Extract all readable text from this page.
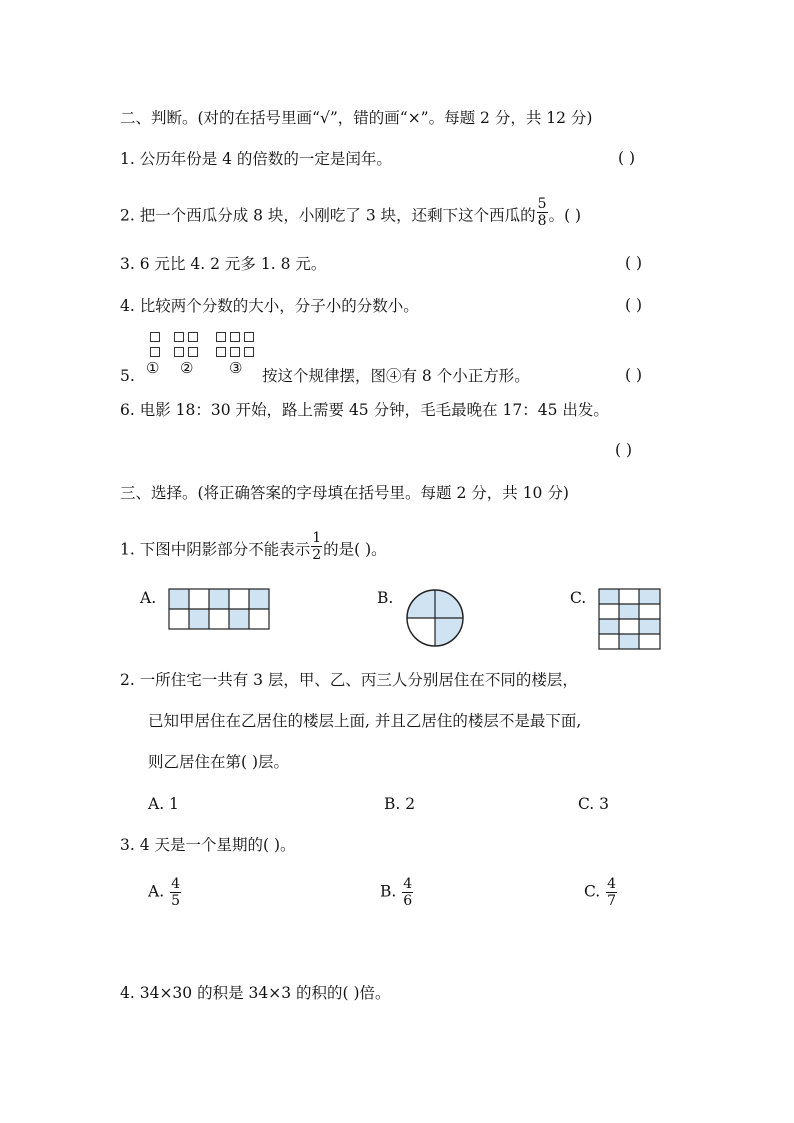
二、判断。(对的在括号里画“√”，错的画“×”。每题 2 分，共 12 分)
1. 公历年份是 4 的倍数的一定是闰年。	( )
2. 把一个西瓜分成 8 块，小刚吃了 3 块，还剩下这个西瓜的 $\frac{5}{8}$ 。( )
3. 6 元比 4. 2 元多 1. 8 元。	( )
4. 比较两个分数的大小，分子小的分数小。	( )
5. ① ② ③ 按这个规律摆，图④有 8 个小正方形。	( )
6. 电影 18：30 开始，路上需要 45 分钟，毛毛最晚在 17：45 出发。
( )
三、选择。(将正确答案的字母填在括号里。每题 2 分，共 10 分)
1. 下图中阴影部分不能表示 $\frac{1}{2}$ 的是( )。
A.	B.	C.
2. 一所住宅一共有 3 层，甲、乙、丙三人分别居住在不同的楼层，
已知甲居住在乙居住的楼层上面, 并且乙居住的楼层不是最下面,
则乙居住在第( )层。
A. 1	B. 2	C. 3
3. 4 天是一个星期的( )。
A. $\frac{4}{5}$	B. $\frac{4}{6}$	C. $\frac{4}{7}$
4. 34×30 的积是 34×3 的积的( )倍。
